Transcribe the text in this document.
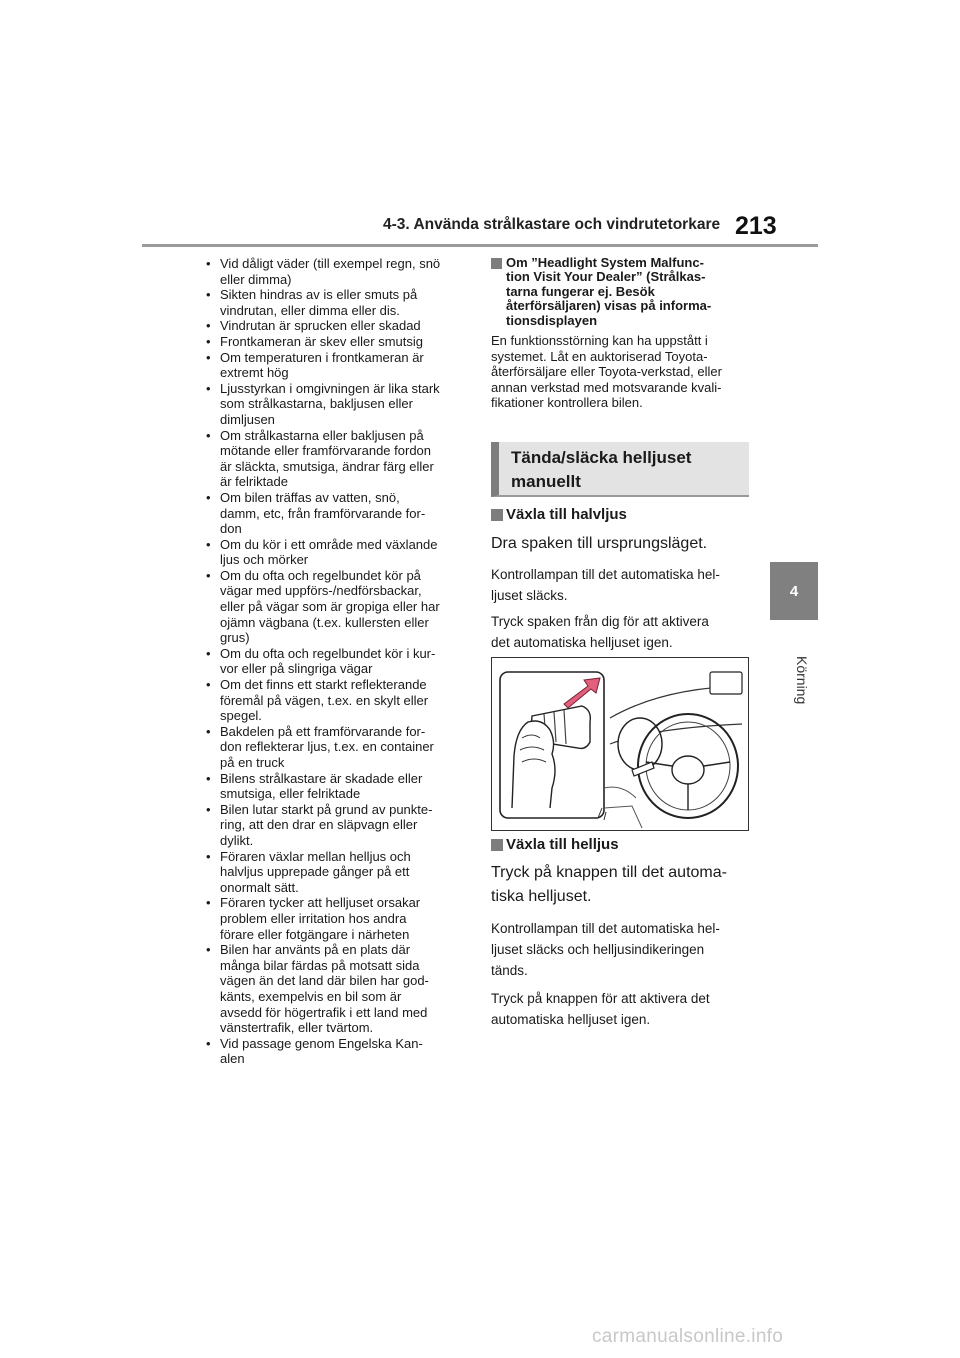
4-3. Använda strålkastare och vindrutetorkare 213
4
Körning

• Vid dåligt väder (till exempel regn, snö
eller dimma)

• Sikten hindras av is eller smuts på
vindrutan, eller dimma eller dis.

• Vindrutan är sprucken eller skadad

• Frontkameran är skev eller smutsig

• Om temperaturen i frontkameran är
extremt hög

• Ljusstyrkan i omgivningen är lika stark
som strålkastarna, bakljusen eller
dimljusen

• Om strålkastarna eller bakljusen på
mötande eller framförvarande fordon
är släckta, smutsiga, ändrar färg eller
är felriktade

• Om bilen träffas av vatten, snö,
damm, etc, från framförvarande for-
don

• Om du kör i ett område med växlande
ljus och mörker

• Om du ofta och regelbundet kör på
vägar med uppförs-/nedförsbackar,
eller på vägar som är gropiga eller har
ojämn vägbana (t.ex. kullersten eller
grus)

• Om du ofta och regelbundet kör i kur-
vor eller på slingriga vägar

• Om det finns ett starkt reflekterande
föremål på vägen, t.ex. en skylt eller
spegel.

• Bakdelen på ett framförvarande for-
don reflekterar ljus, t.ex. en container
på en truck

• Bilens strålkastare är skadade eller
smutsiga, eller felriktade

• Bilen lutar starkt på grund av punkte-
ring, att den drar en släpvagn eller
dylikt.

• Föraren växlar mellan helljus och
halvljus upprepade gånger på ett
onormalt sätt.

• Föraren tycker att helljuset orsakar
problem eller irritation hos andra
förare eller fotgängare i närheten

• Bilen har använts på en plats där
många bilar färdas på motsatt sida
vägen än det land där bilen har god-
känts, exempelvis en bil som är
avsedd för högertrafik i ett land med
vänstertrafik, eller tvärtom.

• Vid passage genom Engelska Kan-
alen

Om ”Headlight System Malfunc-
tion Visit Your Dealer” (Strålkas-
tarna fungerar ej. Besök
återförsäljaren) visas på informa-
tionsdisplayen

En funktionsstörning kan ha uppstått i
systemet. Låt en auktoriserad Toyota-
återförsäljare eller Toyota-verkstad, eller
annan verkstad med motsvarande kvali-
fikationer kontrollera bilen.

Tända/släcka helljuset
manuellt
Växla till halvljus

Dra spaken till ursprungsläget.

Kontrollampan till det automatiska hel-
ljuset släcks.

Tryck spaken från dig för att aktivera
det automatiska helljuset igen.

Växla till helljus

Tryck på knappen till det automa-
tiska helljuset.

Kontrollampan till det automatiska hel-
ljuset släcks och helljusindikeringen
tänds.

Tryck på knappen för att aktivera det
automatiska helljuset igen.

carmanualsonline.info
